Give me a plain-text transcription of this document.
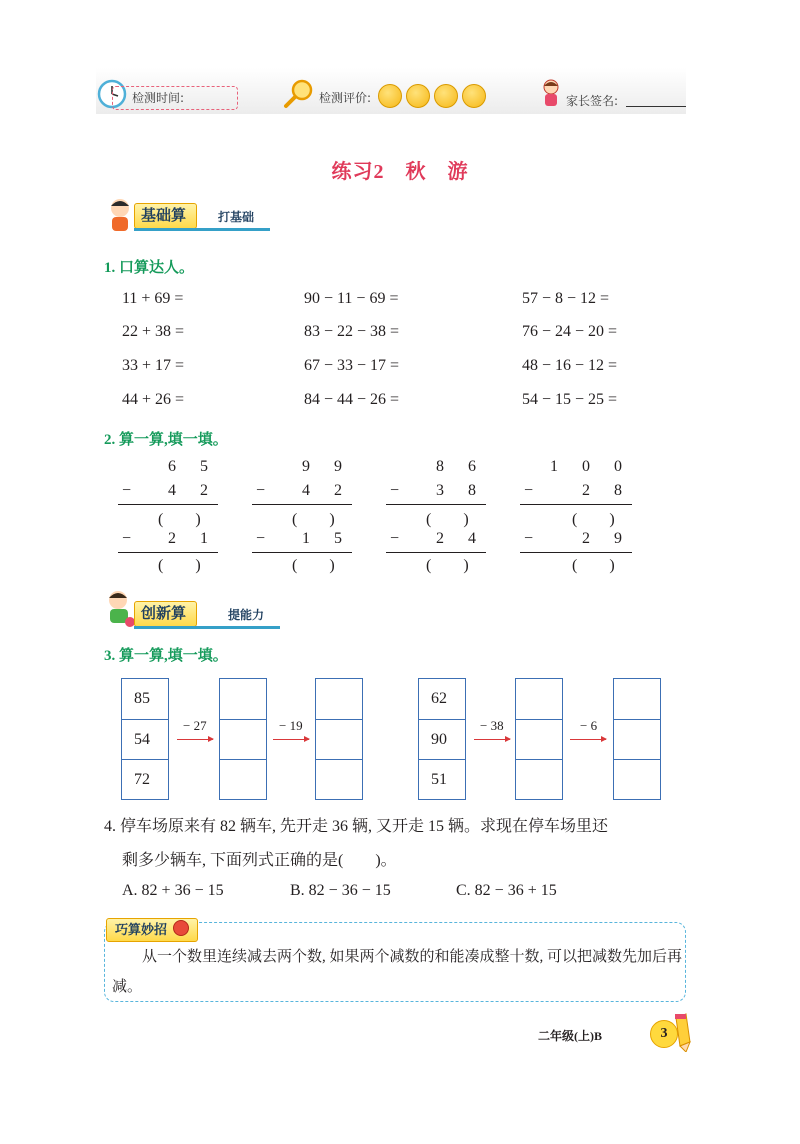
检测时间:	检测评价:	家长签名:
练习2　秋　游
基础算	打基础
1. 口算达人。
11 + 69 =	90 − 11 − 69 =	57 − 8 − 12 =
22 + 38 =	83 − 22 − 38 =	76 − 24 − 20 =
33 + 17 =	67 − 33 − 17 =	48 − 16 − 12 =
44 + 26 =	84 − 44 − 26 =	54 − 15 − 25 =
2. 算一算,填一填。
6 5
− 4 2
(　　)
− 2 1
(　　)
9 9
− 4 2
(　　)
− 1 5
(　　)
8 6
− 3 8
(　　)
− 2 4
(　　)
1 0 0
−	2 8
(　　)
−	2 9
(　　)
创新算	提能力
3. 算一算,填一填。
85
54
72
− 27	− 19
62
90
51
− 38	− 6
4. 停车场原来有 82 辆车, 先开走 36 辆, 又开走 15 辆。求现在停车场里还
剩多少辆车, 下面列式正确的是(　　)。
A. 82 + 36 − 15	B. 82 − 36 − 15	C. 82 − 36 + 15
巧算妙招
从一个数里连续减去两个数, 如果两个减数的和能凑成整十数, 可以把减数先加后再减。
二年级(上)B	3
